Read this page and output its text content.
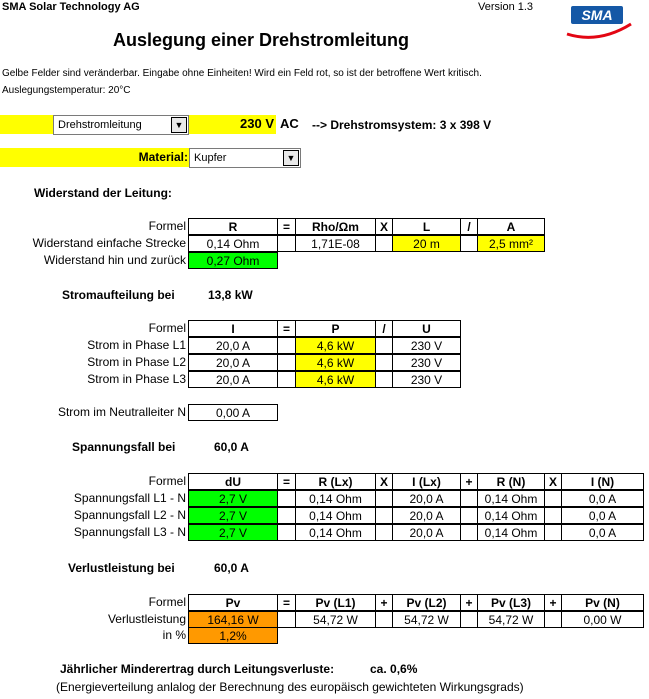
SMA Solar Technology AG	Version 1.3	SMA
Auslegung einer Drehstromleitung
Gelbe Felder sind veränderbar. Eingabe ohne Einheiten! Wird ein Feld rot, so ist der betroffene Wert kritisch.
Auslegungstemperatur: 20°C
Drehstromleitung	▼	230 V AC --> Drehstromsystem: 3 x 398 V
Material: Kupfer	▼
Widerstand der Leitung:
Formel	R	=	Rho/Ωm	X	L	/	A
Widerstand einfache Strecke	0,14 Ohm	1,71E-08	20 m	2,5 mm²
Widerstand hin und zurück	0,27 Ohm
Stromaufteilung bei	13,8 kW
Formel	I	=	P	/	U
Strom in Phase L1	20,0 A	4,6 kW	230 V
Strom in Phase L2	20,0 A	4,6 kW	230 V
Strom in Phase L3	20,0 A	4,6 kW	230 V
Strom im Neutralleiter N	0,00 A
Spannungsfall bei	60,0 A
Formel	dU	=	R (Lx)	X	I (Lx)	+	R (N)	X	I (N)
Spannungsfall L1 - N	2,7 V	0,14 Ohm	20,0 A	0,14 Ohm	0,0 A
Spannungsfall L2 - N	2,7 V	0,14 Ohm	20,0 A	0,14 Ohm	0,0 A
Spannungsfall L3 - N	2,7 V	0,14 Ohm	20,0 A	0,14 Ohm	0,0 A
Verlustleistung bei	60,0 A
Formel	Pv	=	Pv (L1)	+	Pv (L2)	+	Pv (L3)	+	Pv (N)
Verlustleistung	164,16 W	54,72 W	54,72 W	54,72 W	0,00 W
in %	1,2%
Jährlicher Minderertrag durch Leitungsverluste:	ca. 0,6%
(Energieverteilung anlalog der Berechnung des europäisch gewichteten Wirkungsgrads)
